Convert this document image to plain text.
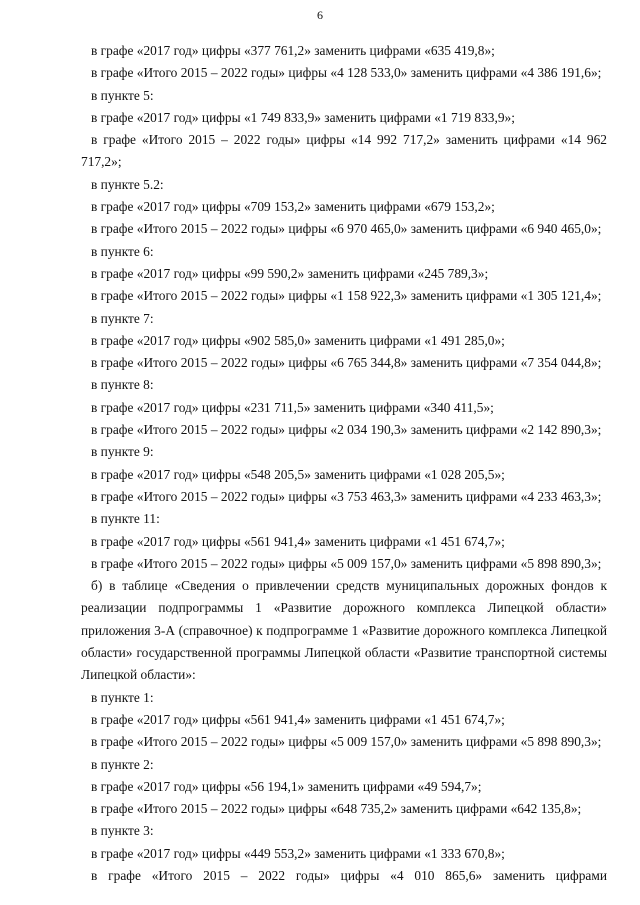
6

в графе «2017 год» цифры «377 761,2» заменить цифрами «635 419,8»;

в графе «Итого 2015 – 2022 годы» цифры «4 128 533,0» заменить цифрами «4 386 191,6»;

в пункте 5:

в графе «2017 год» цифры «1 749 833,9» заменить цифрами «1 719 833,9»;

в графе «Итого 2015 – 2022 годы» цифры «14 992 717,2» заменить цифрами «14 962 717,2»;

в пункте 5.2:

в графе «2017 год» цифры «709 153,2» заменить цифрами «679 153,2»;

в графе «Итого 2015 – 2022 годы» цифры «6 970 465,0» заменить цифрами «6 940 465,0»;

в пункте 6:

в графе «2017 год» цифры «99 590,2» заменить цифрами «245 789,3»;

в графе «Итого 2015 – 2022 годы» цифры «1 158 922,3» заменить цифрами «1 305 121,4»;

в пункте 7:

в графе «2017 год» цифры «902 585,0» заменить цифрами «1 491 285,0»;

в графе «Итого 2015 – 2022 годы» цифры «6 765 344,8» заменить цифрами «7 354 044,8»;

в пункте 8:

в графе «2017 год» цифры «231 711,5» заменить цифрами «340 411,5»;

в графе «Итого 2015 – 2022 годы» цифры «2 034 190,3» заменить цифрами «2 142 890,3»;

в пункте 9:

в графе «2017 год» цифры «548 205,5» заменить цифрами «1 028 205,5»;

в графе «Итого 2015 – 2022 годы» цифры «3 753 463,3» заменить цифрами «4 233 463,3»;

в пункте 11:

в графе «2017 год» цифры «561 941,4» заменить цифрами «1 451 674,7»;

в графе «Итого 2015 – 2022 годы» цифры «5 009 157,0» заменить цифрами «5 898 890,3»;

б) в таблице «Сведения о привлечении средств муниципальных дорожных фондов к реализации подпрограммы 1 «Развитие дорожного комплекса Липецкой области» приложения 3-А (справочное) к подпрограмме 1 «Развитие дорожного комплекса Липецкой области» государственной программы Липецкой области «Развитие транспортной системы Липецкой области»:

в пункте 1:

в графе «2017 год» цифры «561 941,4» заменить цифрами «1 451 674,7»;

в графе «Итого 2015 – 2022 годы» цифры «5 009 157,0» заменить цифрами «5 898 890,3»;

в пункте 2:

в графе «2017 год» цифры «56 194,1» заменить цифрами «49 594,7»;

в графе «Итого 2015 – 2022 годы» цифры «648 735,2» заменить цифрами «642 135,8»;

в пункте 3:

в графе «2017 год» цифры «449 553,2» заменить цифрами «1 333 670,8»;

в графе «Итого 2015 – 2022 годы» цифры «4 010 865,6» заменить цифрами
